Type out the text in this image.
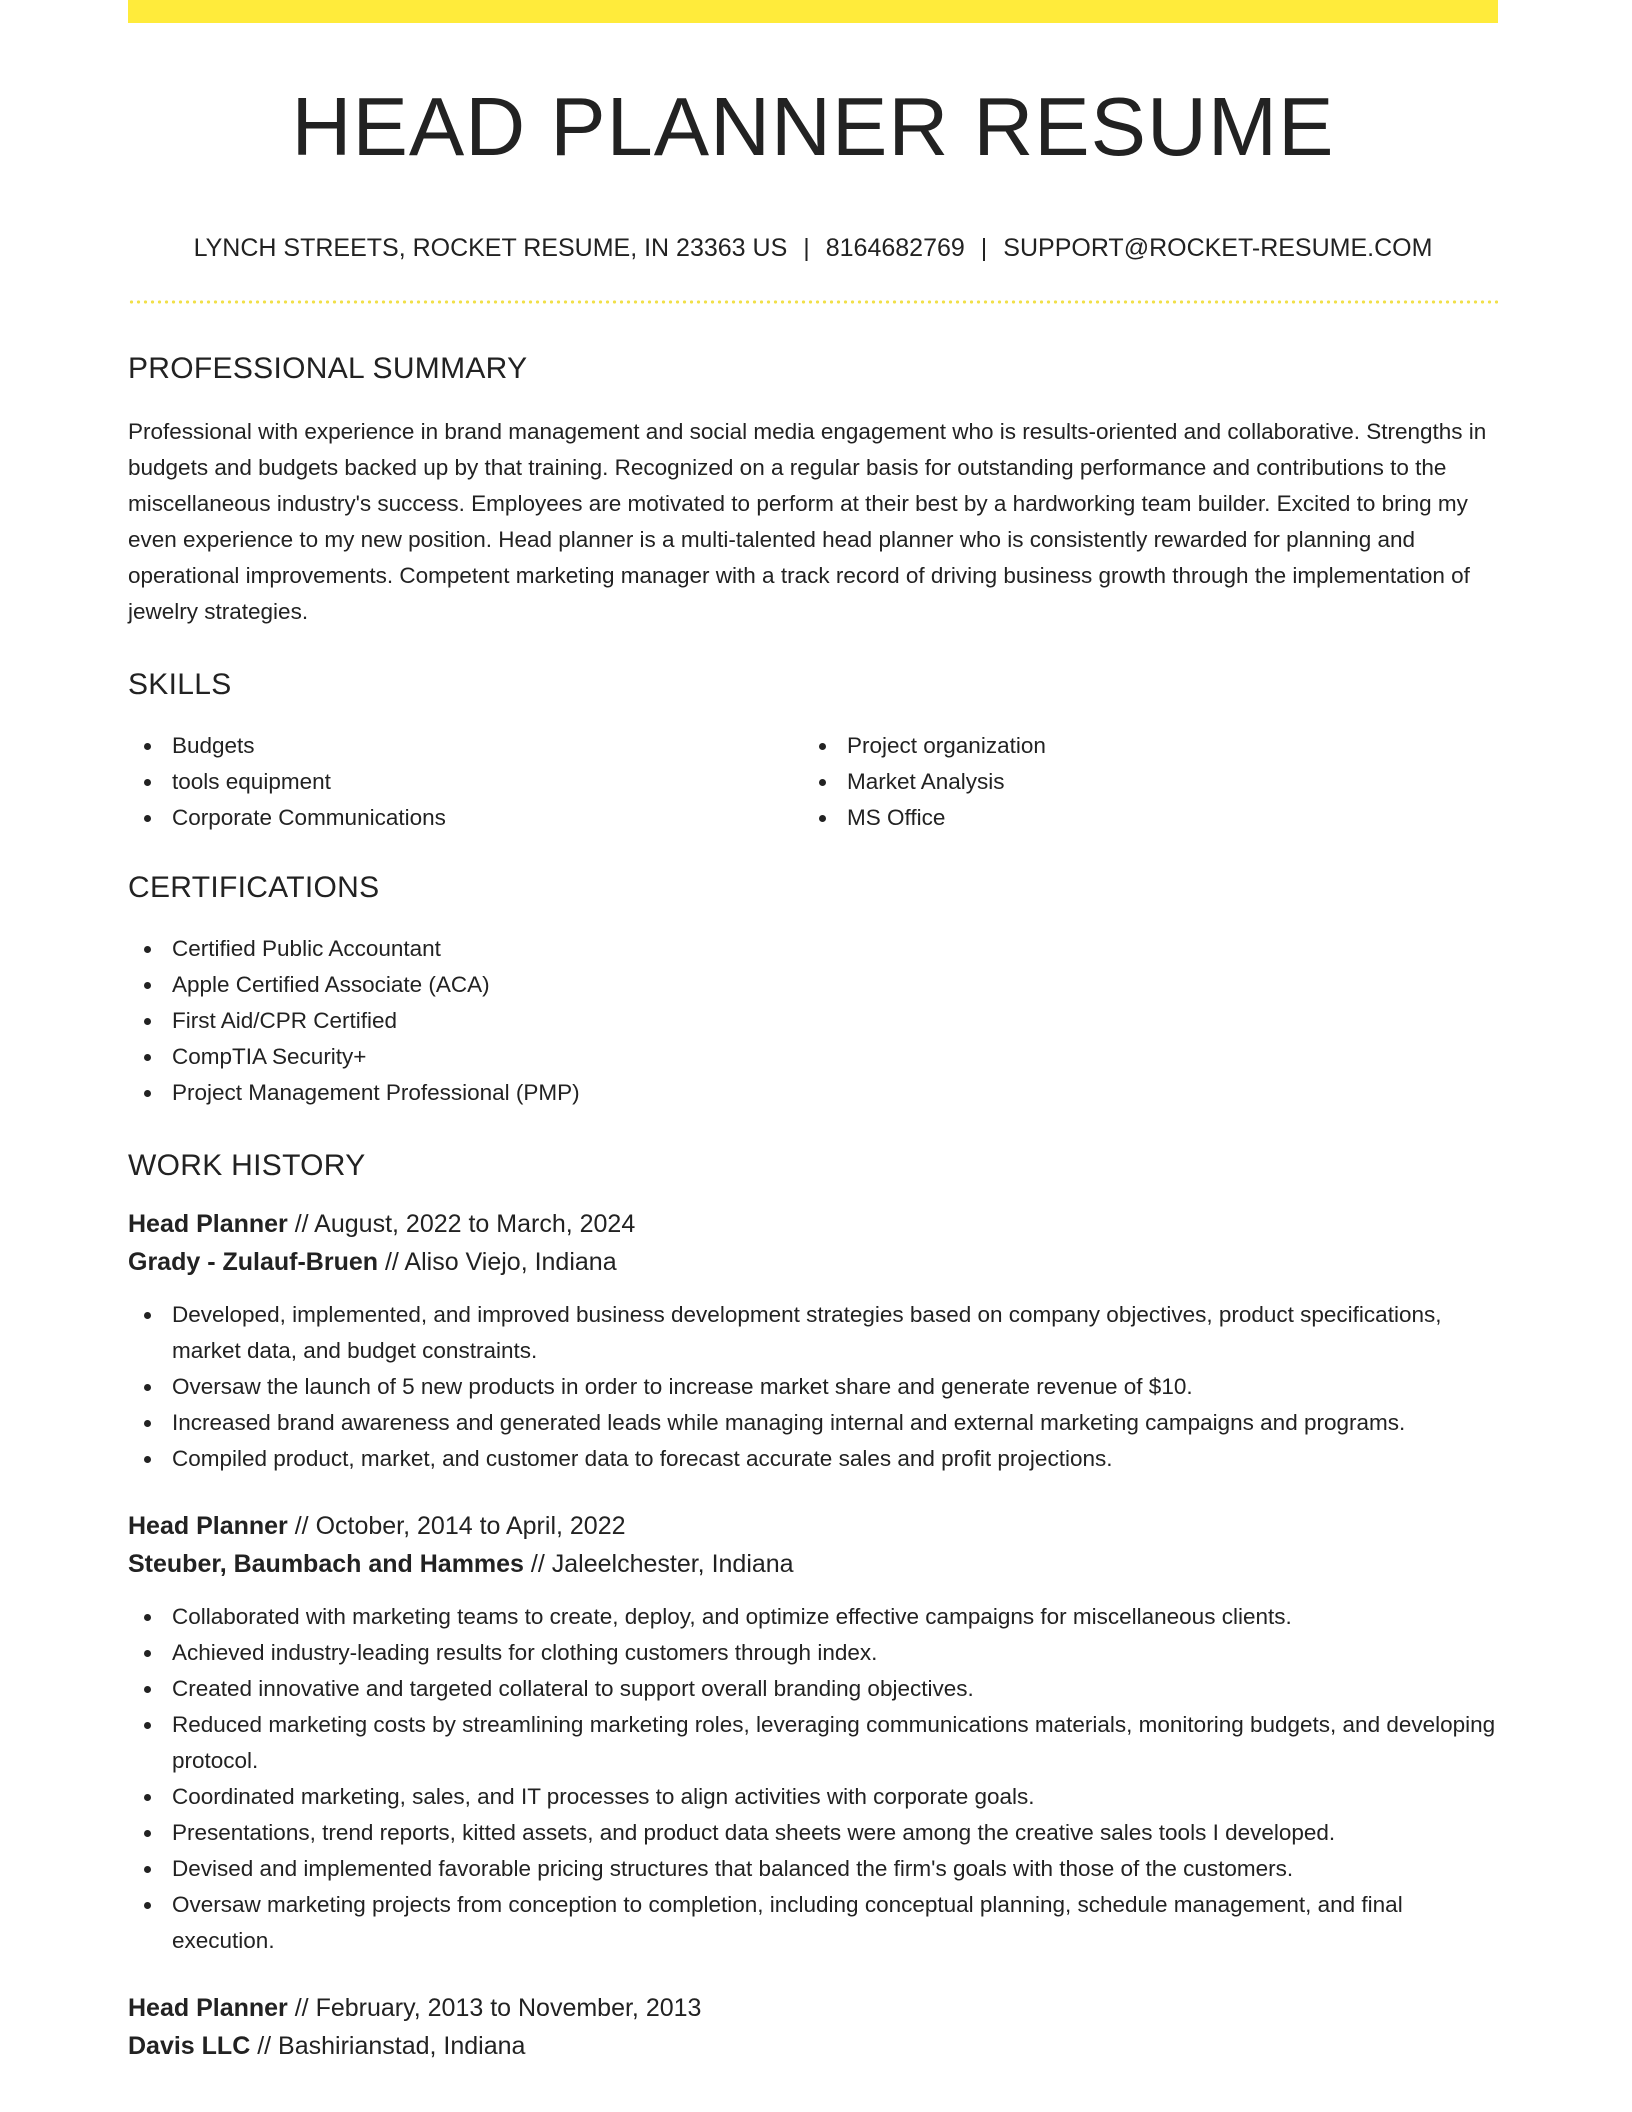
HEAD PLANNER RESUME
LYNCH STREETS, ROCKET RESUME, IN 23363 US | 8164682769 | SUPPORT@ROCKET-RESUME.COM
PROFESSIONAL SUMMARY

Professional with experience in brand management and social media engagement who is results-oriented and collaborative. Strengths in budgets and budgets backed up by that training. Recognized on a regular basis for outstanding performance and contributions to the miscellaneous industry's success. Employees are motivated to perform at their best by a hardworking team builder. Excited to bring my even experience to my new position. Head planner is a multi-talented head planner who is consistently rewarded for planning and operational improvements. Competent marketing manager with a track record of driving business growth through the implementation of jewelry strategies.

SKILLS
Budgets
tools equipment
Corporate Communications
Project organization
Market Analysis
MS Office
CERTIFICATIONS
Certified Public Accountant
Apple Certified Associate (ACA)
First Aid/CPR Certified
CompTIA Security+
Project Management Professional (PMP)
WORK HISTORY
Head Planner // August, 2022 to March, 2024
Grady - Zulauf-Bruen // Aliso Viejo, Indiana
Developed, implemented, and improved business development strategies based on company objectives, product specifications, market data, and budget constraints.
Oversaw the launch of 5 new products in order to increase market share and generate revenue of $10.
Increased brand awareness and generated leads while managing internal and external marketing campaigns and programs.
Compiled product, market, and customer data to forecast accurate sales and profit projections.
Head Planner // October, 2014 to April, 2022
Steuber, Baumbach and Hammes // Jaleelchester, Indiana
Collaborated with marketing teams to create, deploy, and optimize effective campaigns for miscellaneous clients.
Achieved industry-leading results for clothing customers through index.
Created innovative and targeted collateral to support overall branding objectives.
Reduced marketing costs by streamlining marketing roles, leveraging communications materials, monitoring budgets, and developing protocol.
Coordinated marketing, sales, and IT processes to align activities with corporate goals.
Presentations, trend reports, kitted assets, and product data sheets were among the creative sales tools I developed.
Devised and implemented favorable pricing structures that balanced the firm's goals with those of the customers.
Oversaw marketing projects from conception to completion, including conceptual planning, schedule management, and final execution.
Head Planner // February, 2013 to November, 2013
Davis LLC // Bashirianstad, Indiana
